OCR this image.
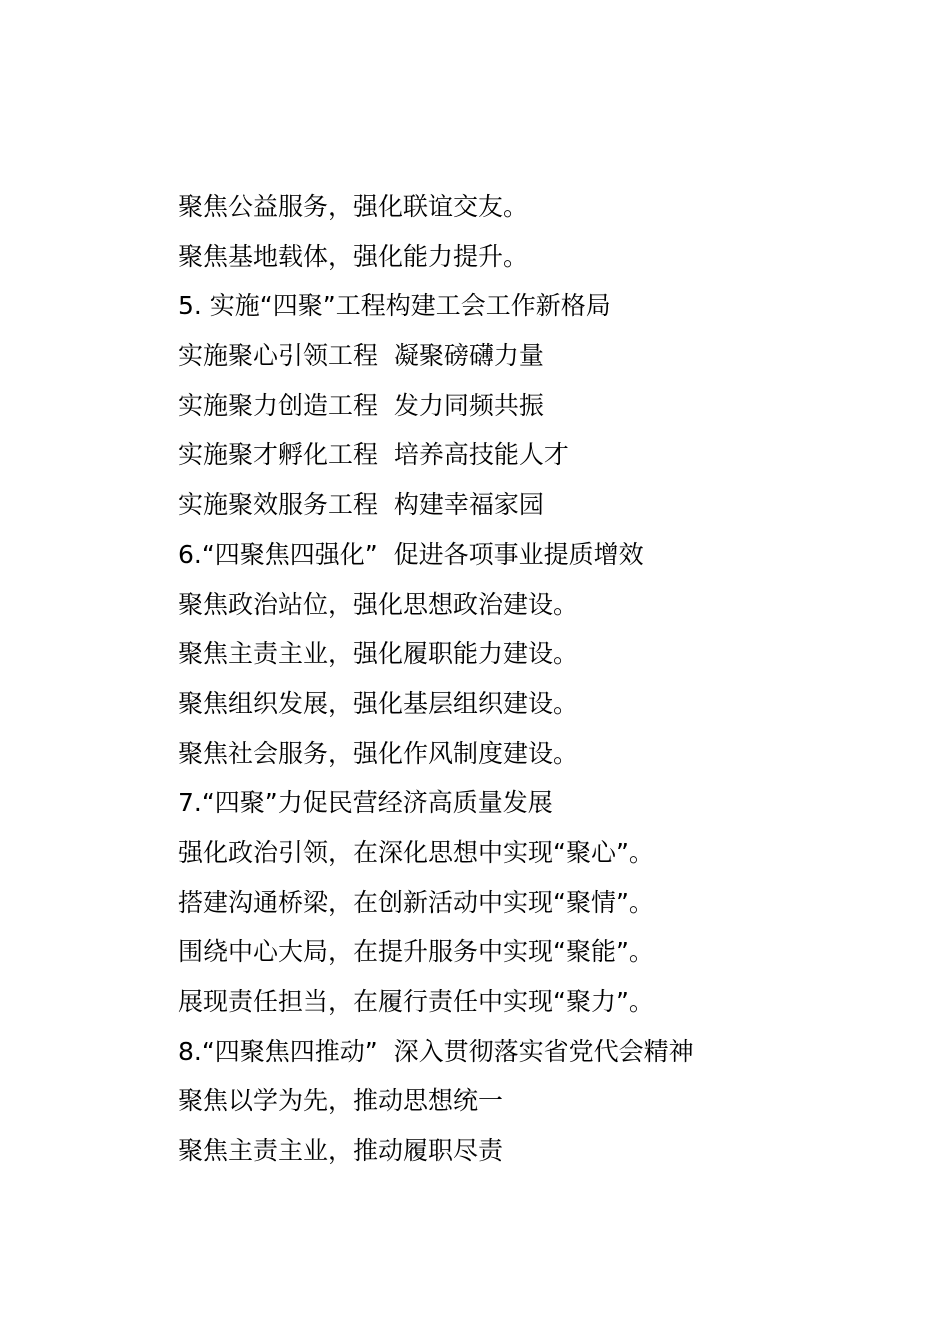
聚焦公益服务，强化联谊交友。
聚焦基地载体，强化能力提升。
5. 实施“四聚”工程构建工会工作新格局
实施聚心引领工程  凝聚磅礴力量
实施聚力创造工程  发力同频共振
实施聚才孵化工程  培养高技能人才
实施聚效服务工程  构建幸福家园
6.“四聚焦四强化”  促进各项事业提质增效
聚焦政治站位，强化思想政治建设。
聚焦主责主业，强化履职能力建设。
聚焦组织发展，强化基层组织建设。
聚焦社会服务，强化作风制度建设。
7.“四聚”力促民营经济高质量发展
强化政治引领，在深化思想中实现“聚心”。
搭建沟通桥梁，在创新活动中实现“聚情”。
围绕中心大局，在提升服务中实现“聚能”。
展现责任担当，在履行责任中实现“聚力”。
8.“四聚焦四推动”  深入贯彻落实省党代会精神
聚焦以学为先，推动思想统一
聚焦主责主业，推动履职尽责
